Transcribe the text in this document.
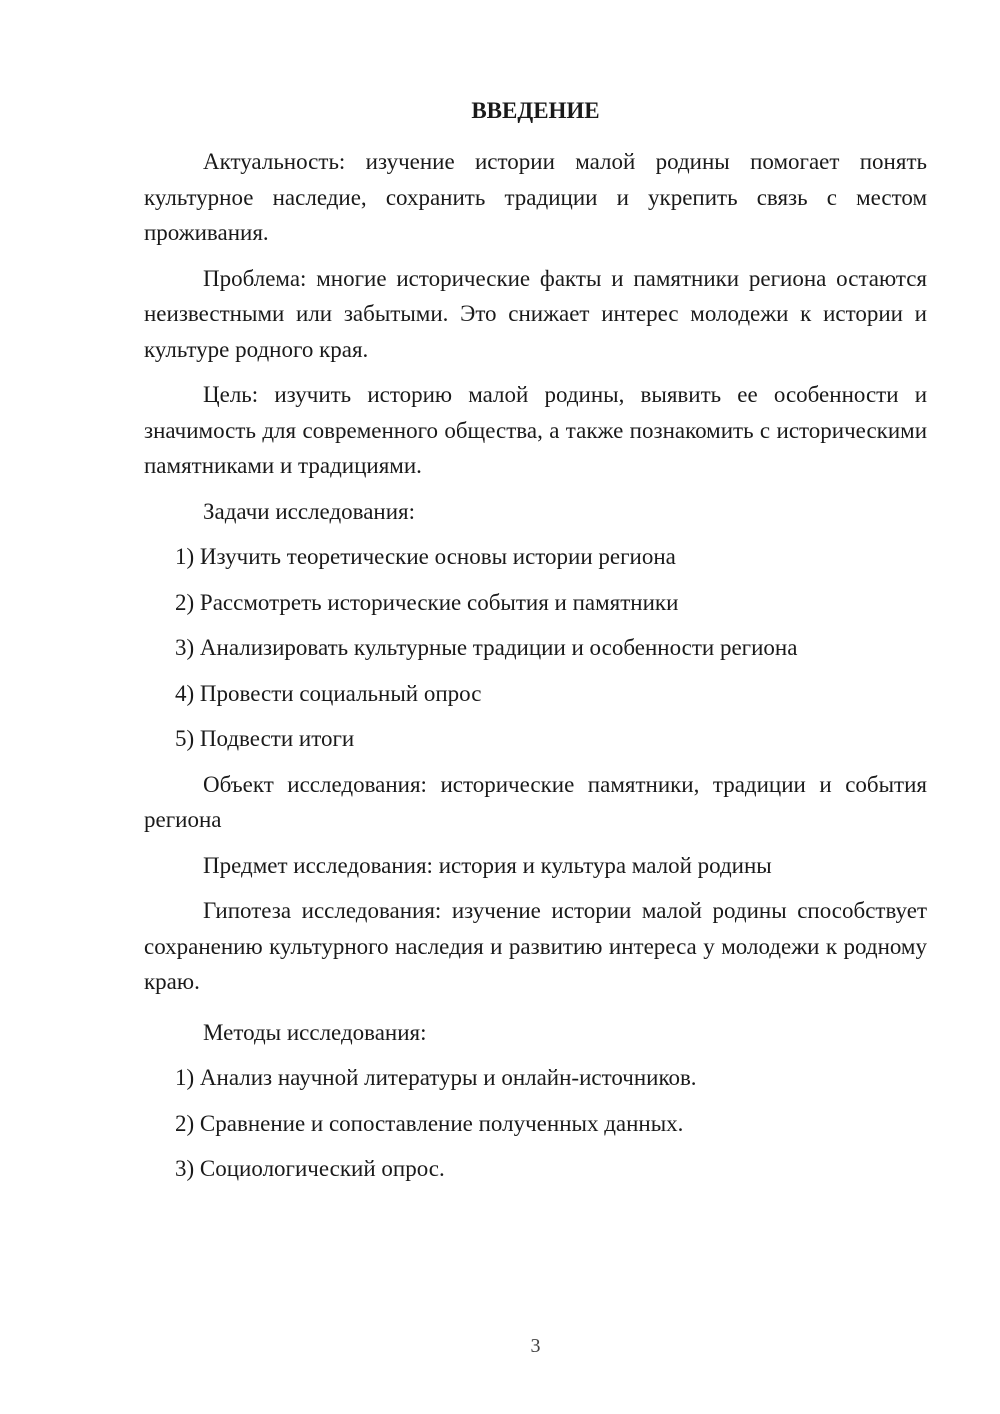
ВВЕДЕНИЕ

Актуальность: изучение истории малой родины помогает понять культурное наследие, сохранить традиции и укрепить связь с местом проживания.

Проблема: многие исторические факты и памятники региона остаются неизвестными или забытыми. Это снижает интерес молодежи к истории и культуре родного края.

Цель: изучить историю малой родины, выявить ее особенности и значимость для современного общества, а также познакомить с историческими памятниками и традициями.

Задачи исследования:

1) Изучить теоретические основы истории региона

2) Рассмотреть исторические события и памятники

3) Анализировать культурные традиции и особенности региона

4) Провести социальный опрос

5) Подвести итоги

Объект исследования: исторические памятники, традиции и события региона

Предмет исследования: история и культура малой родины

Гипотеза исследования: изучение истории малой родины способствует сохранению культурного наследия и развитию интереса у молодежи к родному краю.

Методы исследования:

1) Анализ научной литературы и онлайн-источников.

2) Сравнение и сопоставление полученных данных.

3) Социологический опрос.

3
